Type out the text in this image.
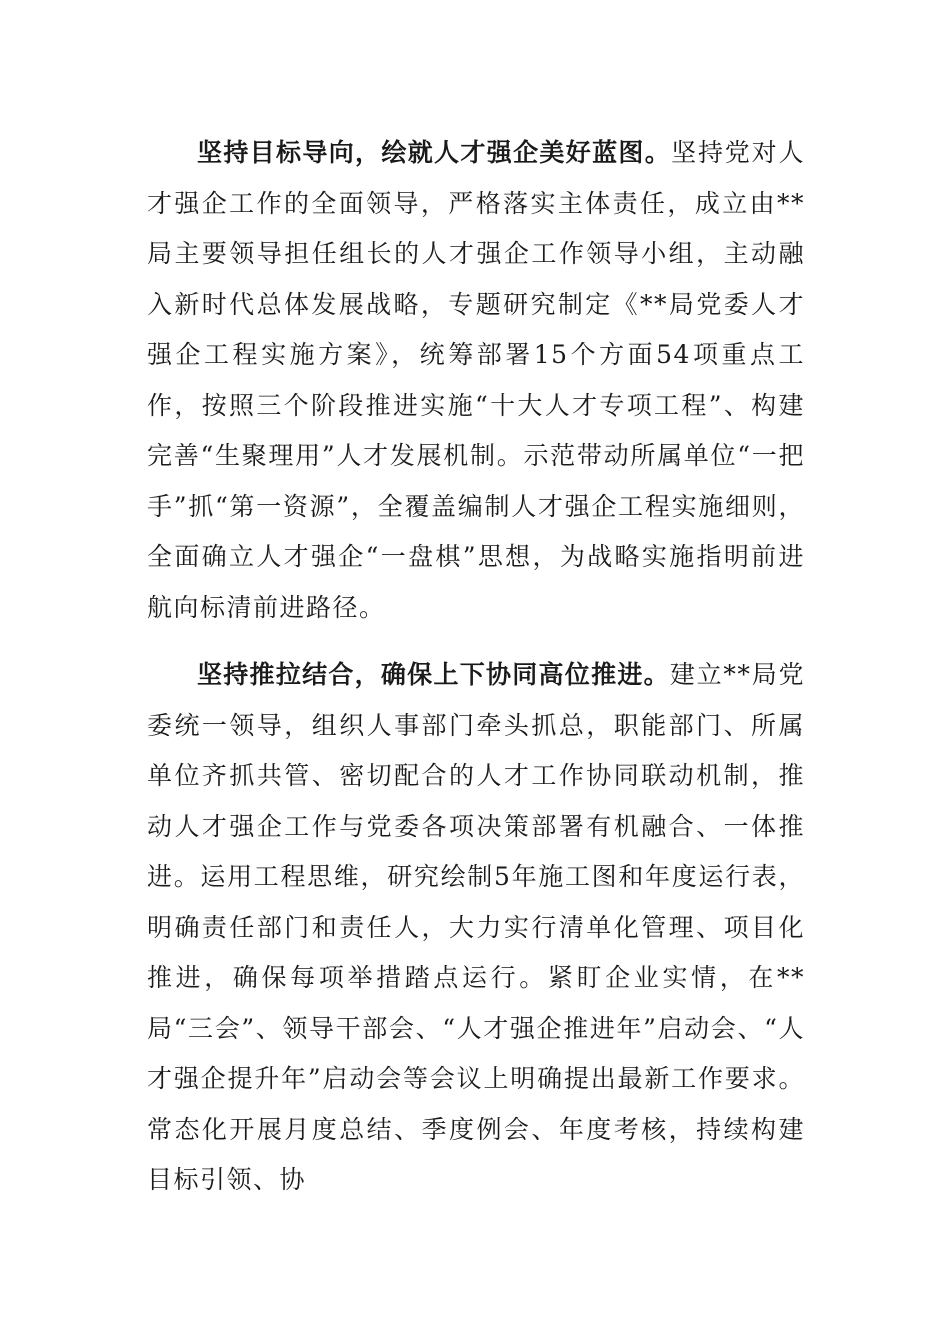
坚持目标导向，绘就人才强企美好蓝图。坚持党对人才强企工作的全面领导，严格落实主体责任，成立由**局主要领导担任组长的人才强企工作领导小组，主动融入新时代总体发展战略，专题研究制定《**局党委人才强企工程实施方案》，统筹部署15个方面54项重点工作，按照三个阶段推进实施“十大人才专项工程”、构建完善“生聚理用”人才发展机制。示范带动所属单位“一把手”抓“第一资源”，全覆盖编制人才强企工程实施细则，全面确立人才强企“一盘棋”思想，为战略实施指明前进航向标清前进路径。

坚持推拉结合，确保上下协同高位推进。建立**局党委统一领导，组织人事部门牵头抓总，职能部门、所属单位齐抓共管、密切配合的人才工作协同联动机制，推动人才强企工作与党委各项决策部署有机融合、一体推进。运用工程思维，研究绘制5年施工图和年度运行表，明确责任部门和责任人，大力实行清单化管理、项目化推进，确保每项举措踏点运行。紧盯企业实情，在**局“三会”、领导干部会、“人才强企推进年”启动会、“人才强企提升年”启动会等会议上明确提出最新工作要求。常态化开展月度总结、季度例会、年度考核，持续构建目标引领、协
